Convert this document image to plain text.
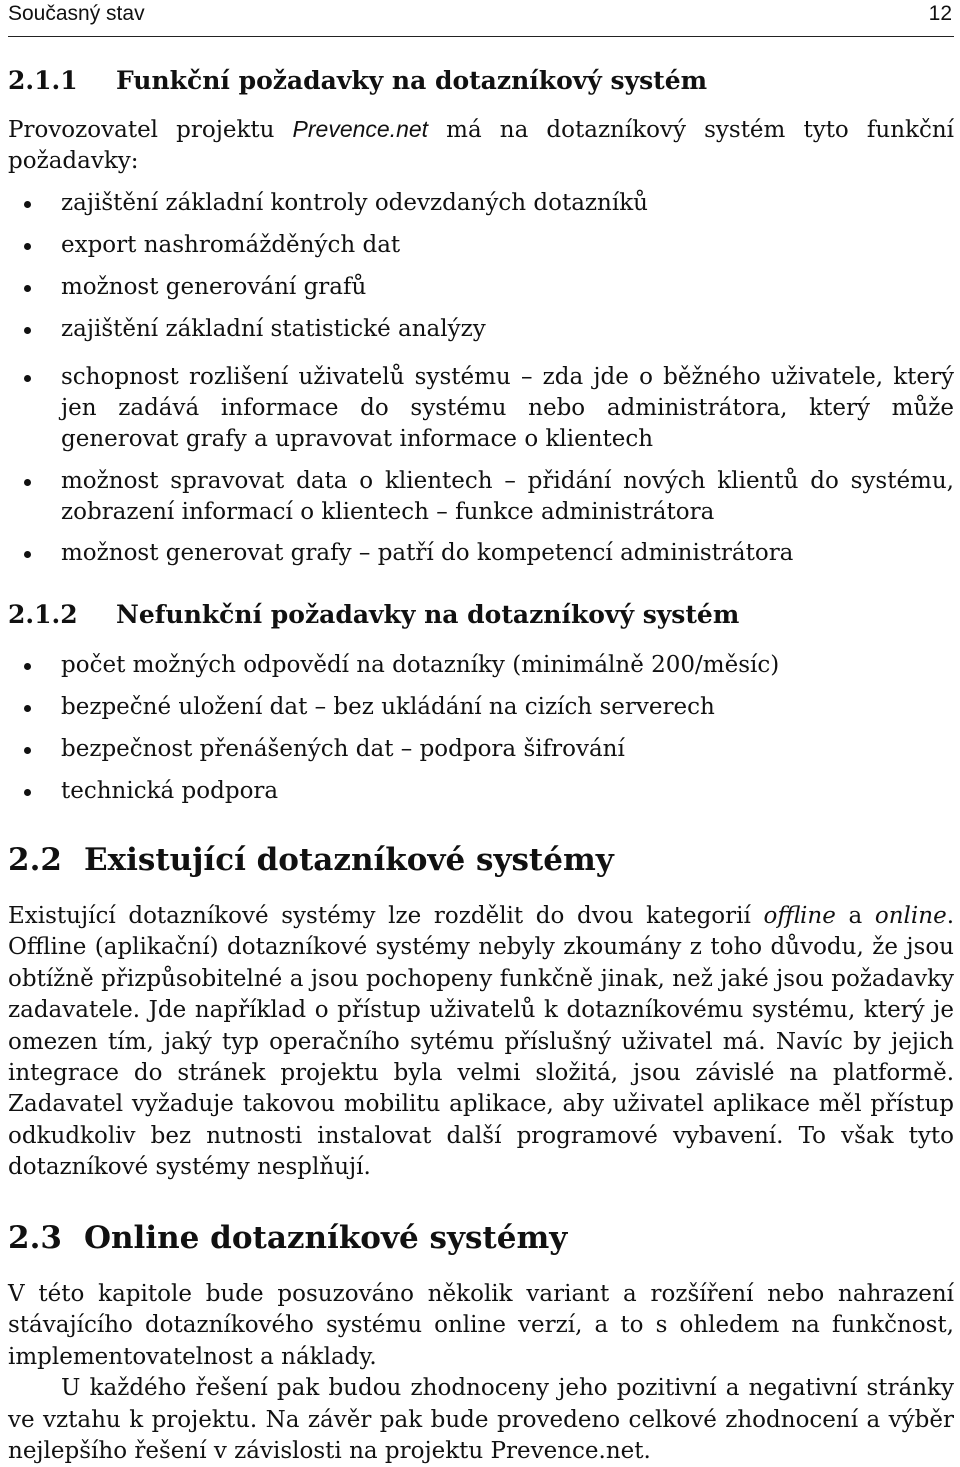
Současný stav	12
2.1.1 Funkční požadavky na dotazníkový systém

Provozovatel projektu Prevence.net má na dotazníkový systém tyto funkční požadavky:

zajištění základní kontroly odevzdaných dotazníků
export nashromážděných dat
možnost generování grafů
zajištění základní statistické analýzy
schopnost rozlišení uživatelů systému – zda jde o běžného uživatele, který jen zadává informace do systému nebo administrátora, který může generovat grafy a upravovat informace o klientech
možnost spravovat data o klientech – přidání nových klientů do systému, zobrazení informací o klientech – funkce administrátora
možnost generovat grafy – patří do kompetencí administrátora
2.1.2 Nefunkční požadavky na dotazníkový systém
počet možných odpovědí na dotazníky (minimálně 200/měsíc)
bezpečné uložení dat – bez ukládání na cizích serverech
bezpečnost přenášených dat – podpora šifrování
technická podpora
2.2 Existující dotazníkové systémy

Existující dotazníkové systémy lze rozdělit do dvou kategorií offline a online. Offline (aplikační) dotazníkové systémy nebyly zkoumány z toho důvodu, že jsou obtížně přizpůsobitelné a jsou pochopeny funkčně jinak, než jaké jsou požadavky zadavatele. Jde například o přístup uživatelů k dotazníkovému systému, který je omezen tím, jaký typ operačního sytému příslušný uživatel má. Navíc by jejich integrace do stránek projektu byla velmi složitá, jsou závislé na platformě. Zadavatel vyžaduje takovou mobilitu aplikace, aby uživatel aplikace měl přístup odkudkoliv bez nutnosti instalovat další programové vybavení. To však tyto dotazníkové systémy nesplňují.

2.3 Online dotazníkové systémy

V této kapitole bude posuzováno několik variant a rozšíření nebo nahrazení stávajícího dotazníkového systému online verzí, a to s ohledem na funkčnost, implementovatelnost a náklady.

U každého řešení pak budou zhodnoceny jeho pozitivní a negativní stránky ve vztahu k projektu. Na závěr pak bude provedeno celkové zhodnocení a výběr nejlepšího řešení v závislosti na projektu Prevence.net.
